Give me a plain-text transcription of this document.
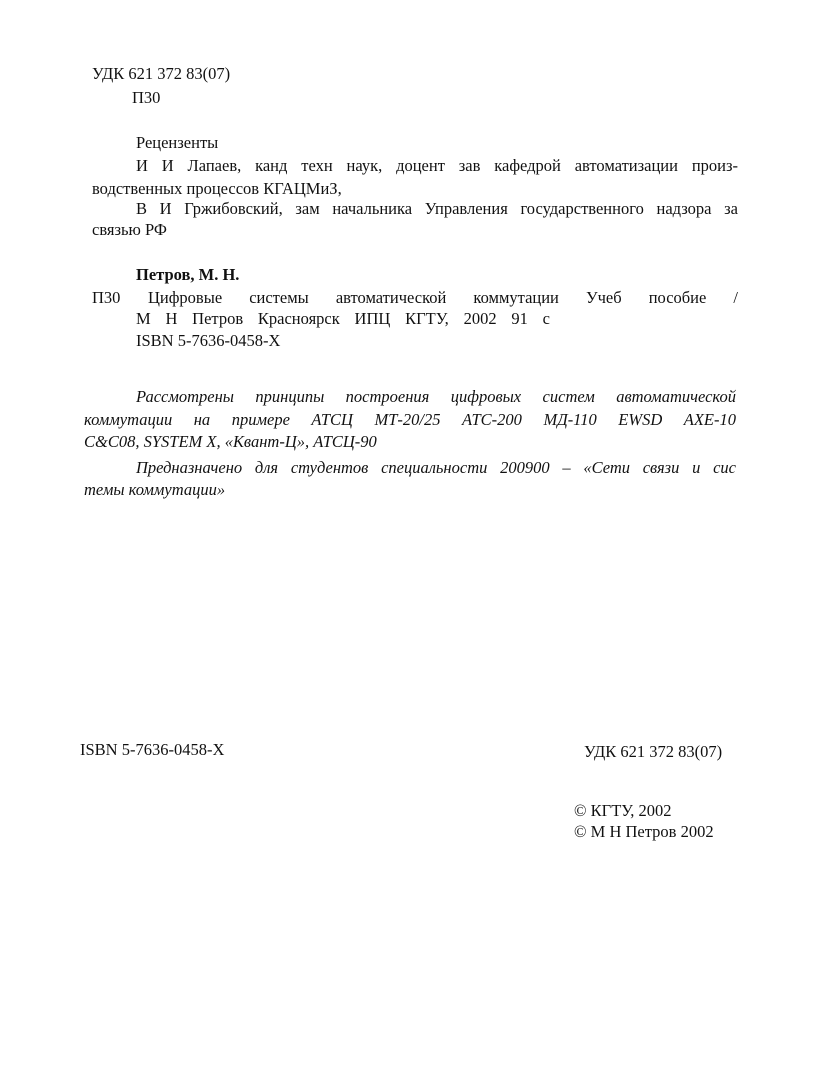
УДК 621 372 83(07)
П30
Рецензенты
И И Лапаев, канд техн наук, доцент зав кафедрой автоматизации произ-
водственных процессов КГАЦМиЗ,
В И Гржибовский, зам начальника Управления государственного надзора за
связью РФ
Петров, М. Н.
П30 Цифровые системы автоматической коммутации Учеб пособие /
М Н Петров Красноярск ИПЦ КГТУ, 2002 91 с
ISBN 5-7636-0458-Х
Рассмотрены принципы построения цифровых систем автоматической
коммутации на примере АТСЦ МТ-20/25 АТС-200 МД-110 EWSD АХЕ-10
С&С08, SYSTEM X, «Квант-Ц», АТСЦ-90
Предназначено для студентов специальности 200900 – «Сети связи и сис
темы коммутации»
ISBN 5-7636-0458-Х	УДК 621 372 83(07)
© КГТУ, 2002
© М Н Петров 2002
